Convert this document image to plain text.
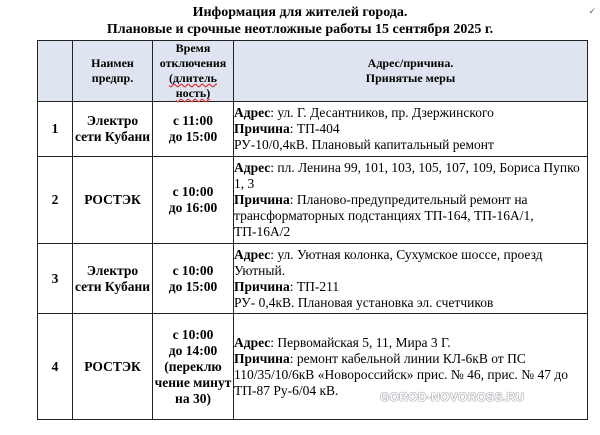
Информация для жителей города.
Плановые и срочные неотложные работы 15 сентября 2025 г.
✓
	Наимен предпр.	Время
отключения
(длитель ность)	Адрес/причина.
Принятые меры
1	Электро сети Кубани	с 11:00
до 15:00	Адрес: ул. Г. Десантников, пр. Дзержинского
Причина: ТП-404
РУ-10/0,4кВ. Плановый капитальный ремонт
2	РОСТЭК	с 10:00
до 16:00	Адрес: пл. Ленина 99, 101, 103, 105, 107, 109, Бориса Пупко 1, 3
Причина: Планово-предупредительный ремонт на трансформаторных подстанциях ТП-164, ТП-16А/1, ТП-16А/2
3	Электро сети Кубани	с 10:00
до 15:00	Адрес: ул. Уютная колонка, Сухумское шоссе, проезд Уютный.
Причина: ТП-211
РУ- 0,4кВ. Плановая установка эл. счетчиков
4	РОСТЭК	с 10:00
до 14:00
(переклю чение минут на 30)	Адрес: Первомайская 5, 11, Мира 3 Г.
Причина: ремонт кабельной линии КЛ-6кВ от ПС 110/35/10/6кВ «Новороссийск» прис. № 46, прис. № 47 до ТП-87 Ру-6/04 кВ.	GOROD-NOVOROSS.RU
